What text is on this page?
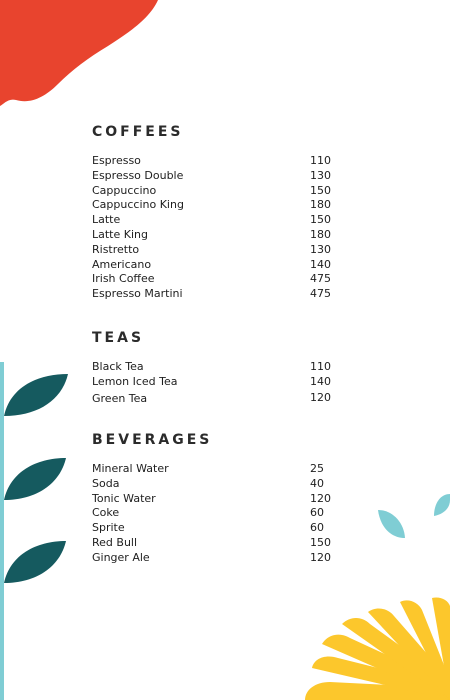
COFFEES
Espresso	110
Espresso Double	130
Cappuccino	150
Cappuccino King	180
Latte	150
Latte King	180
Ristretto	130
Americano	140
Irish Coffee	475
Espresso Martini	475
TEAS
Black Tea	110
Lemon Iced Tea	140
Green Tea	120
BEVERAGES
Mineral Water	25
Soda	40
Tonic Water	120
Coke	60
Sprite	60
Red Bull	150
Ginger Ale	120
